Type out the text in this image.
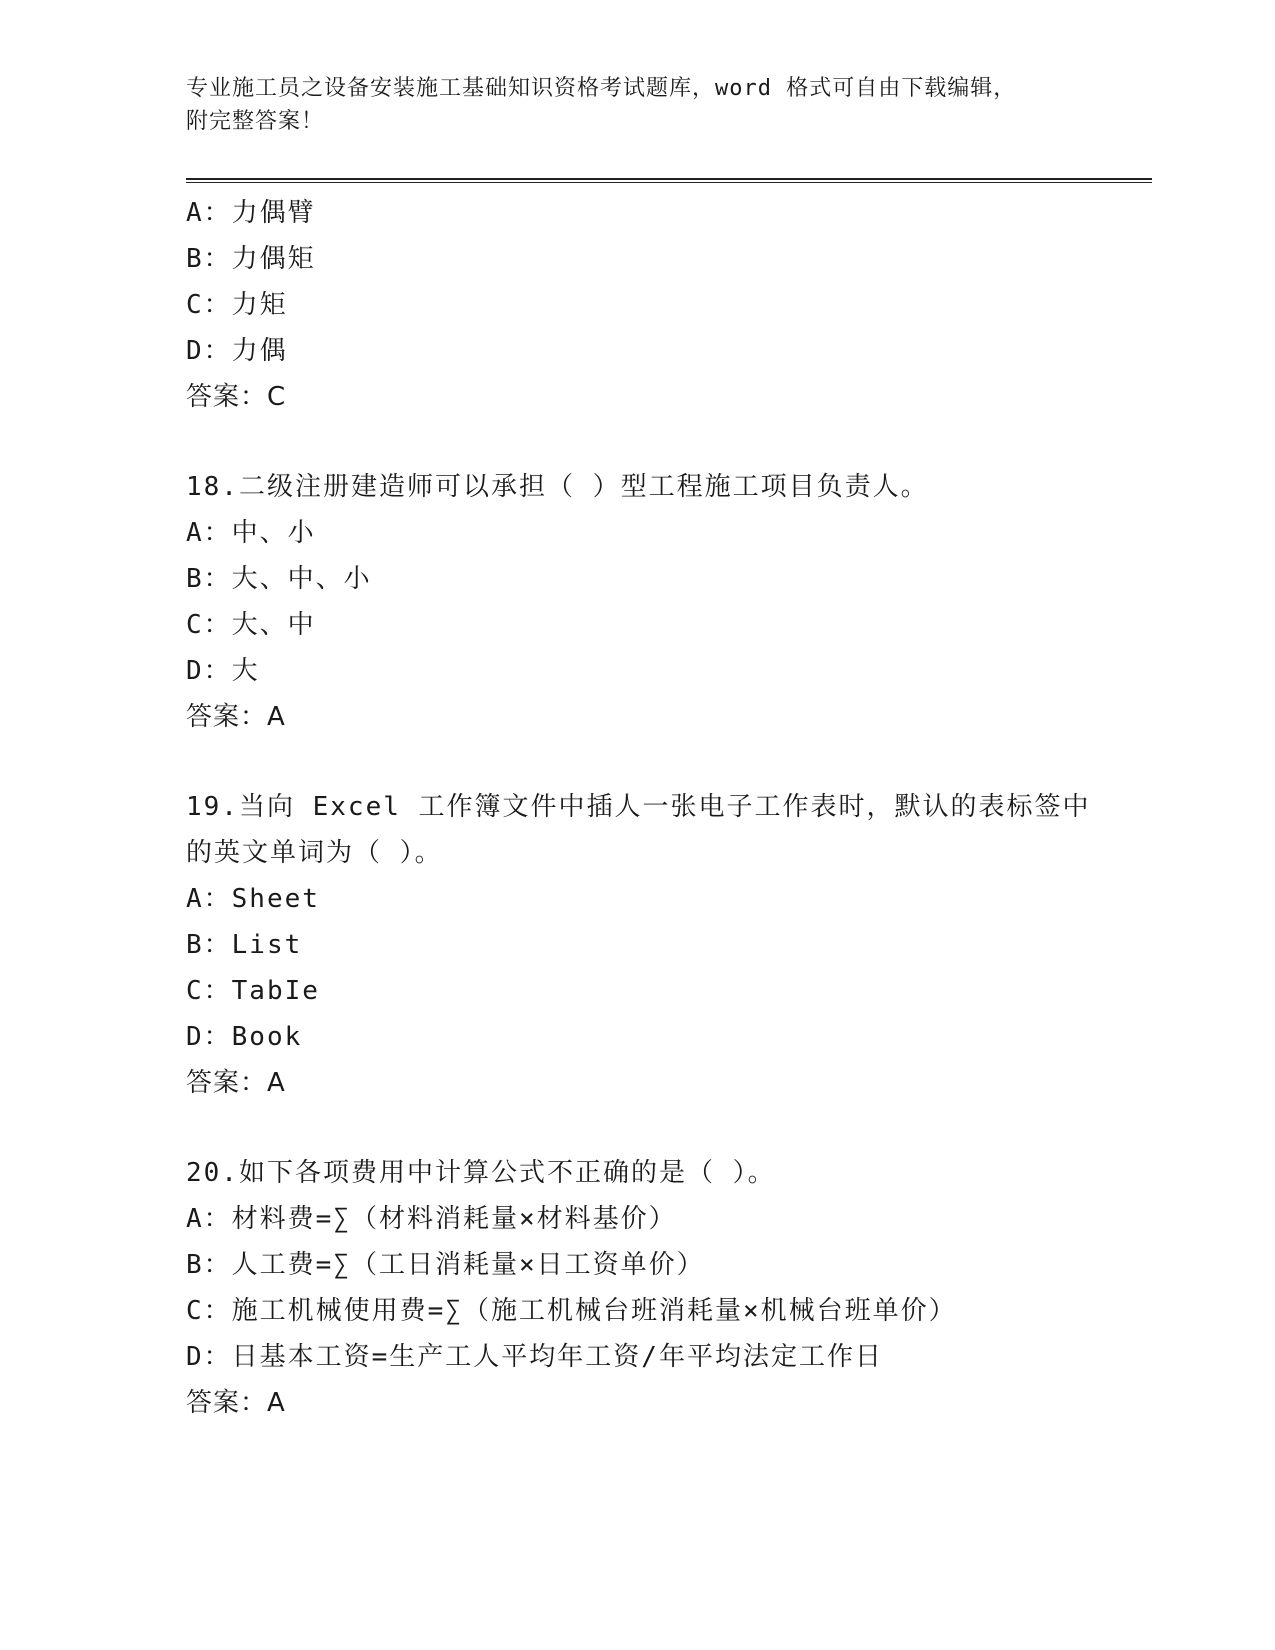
专业施工员之设备安装施工基础知识资格考试题库，word 格式可自由下载编辑，
附完整答案！
A：力偶臂
B：力偶矩
C：力矩
D：力偶
答案：C
18.二级注册建造师可以承担（ ）型工程施工项目负责人。
A：中、小
B：大、中、小
C：大、中
D：大
答案：A
19.当向 Excel 工作簿文件中插人一张电子工作表时，默认的表标签中
的英文单词为（ ）。
A：Sheet
B：List
C：TabIe
D：Book
答案：A
20.如下各项费用中计算公式不正确的是（ ）。
A：材料费=∑（材料消耗量×材料基价）
B：人工费=∑（工日消耗量×日工资单价）
C：施工机械使用费=∑（施工机械台班消耗量×机械台班单价）
D：日基本工资=生产工人平均年工资/年平均法定工作日
答案：A
